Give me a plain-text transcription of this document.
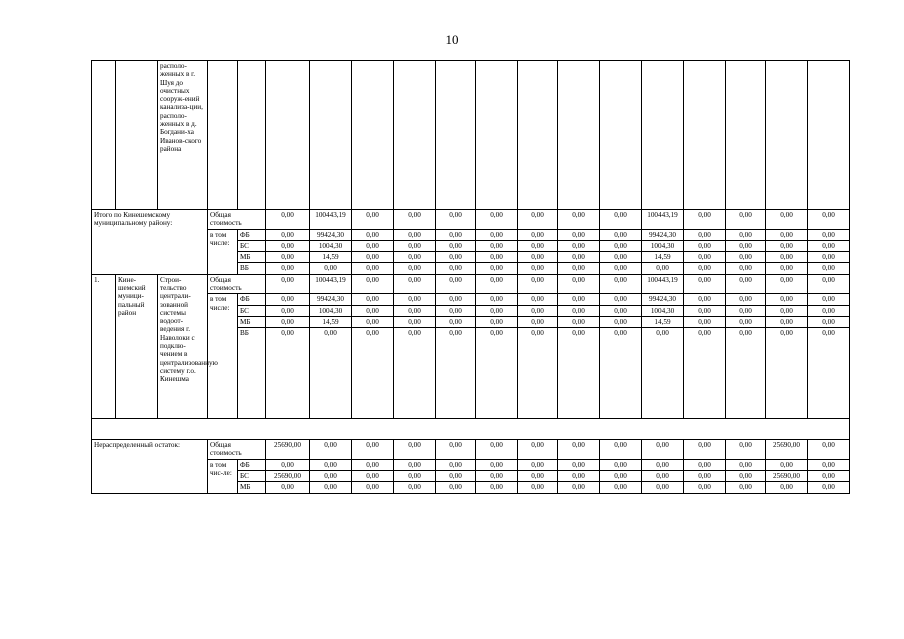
10
		располо-женных в г. Шуя до очистных сооруж-ений канализа-ции, располо-женных в д. Богдани-ха Иванов-ского района																
Итого по Кинешемскому муниципальному району:			Общая стоимость		0,00	100443,19	0,00	0,00	0,00	0,00	0,00	0,00	0,00	100443,19	0,00	0,00	0,00	0,00
			в том числе:	ФБ	0,00	99424,30	0,00	0,00	0,00	0,00	0,00	0,00	0,00	99424,30	0,00	0,00	0,00	0,00
				БС	0,00	1004,30	0,00	0,00	0,00	0,00	0,00	0,00	0,00	1004,30	0,00	0,00	0,00	0,00
				МБ	0,00	14,59	0,00	0,00	0,00	0,00	0,00	0,00	0,00	14,59	0,00	0,00	0,00	0,00
				ВБ	0,00	0,00	0,00	0,00	0,00	0,00	0,00	0,00	0,00	0,00	0,00	0,00	0,00	0,00
1.	Кине-шемский муници-пальный район	Строи-тельство централи-зованной системы водоот-ведения г. Наволоки с подклю-чением в централизованную систему г.о. Кинешма	Общая стоимость		0,00	100443,19	0,00	0,00	0,00	0,00	0,00	0,00	0,00	100443,19	0,00	0,00	0,00	0,00
			в том числе:	ФБ	0,00	99424,30	0,00	0,00	0,00	0,00	0,00	0,00	0,00	99424,30	0,00	0,00	0,00	0,00
				БС	0,00	1004,30	0,00	0,00	0,00	0,00	0,00	0,00	0,00	1004,30	0,00	0,00	0,00	0,00
				МБ	0,00	14,59	0,00	0,00	0,00	0,00	0,00	0,00	0,00	14,59	0,00	0,00	0,00	0,00
				ВБ	0,00	0,00	0,00	0,00	0,00	0,00	0,00	0,00	0,00	0,00	0,00	0,00	0,00	0,00

Нераспределенный остаток:			Общая стоимость		25690,00	0,00	0,00	0,00	0,00	0,00	0,00	0,00	0,00	0,00	0,00	0,00	25690,00	0,00
			в том чис-ле:	ФБ	0,00	0,00	0,00	0,00	0,00	0,00	0,00	0,00	0,00	0,00	0,00	0,00	0,00	0,00
				БС	25690,00	0,00	0,00	0,00	0,00	0,00	0,00	0,00	0,00	0,00	0,00	0,00	25690,00	0,00
				МБ	0,00	0,00	0,00	0,00	0,00	0,00	0,00	0,00	0,00	0,00	0,00	0,00	0,00	0,00
